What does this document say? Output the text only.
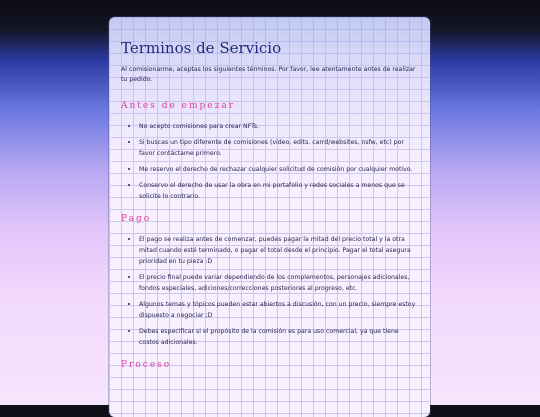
Terminos de Servicio

Al comisionarme, aceptas los siguientes términos. Por favor, lee atentamente antes de realizar tu pedido.

Antes de empezar
• No acepto comisiones para crear NFTs.
• Si buscas un tipo diferente de comisiones (video, edits, carrd/websites, nsfw, etc) por favor contáctame primero.
• Me reservo el derecho de rechazar cualquier solicitud de comisión por cualquier motivo.
• Conservo el derecho de usar la obra en mi portafolio y redes sociales a menos que se solicite lo contrario.
Pago
• El pago se realiza antes de comenzar, puedes pagar la mitad del precio total y la otra mitad cuando esté terminado, o pagar el total desde el principio. Pagar el total asegura prioridad en tu pieza :D
• El precio final puede variar dependiendo de los complementos, personajes adicionales, fondos especiales, adiciones/correcciones posteriores al progreso, etc.
• Algunos temas y tópicos pueden estar abiertos a discusión, con un precio, siempre estoy dispuesto a negociar ;D
• Debes especificar si el propósito de la comisión es para uso comercial, ya que tiene costos adicionales.
Proceso
